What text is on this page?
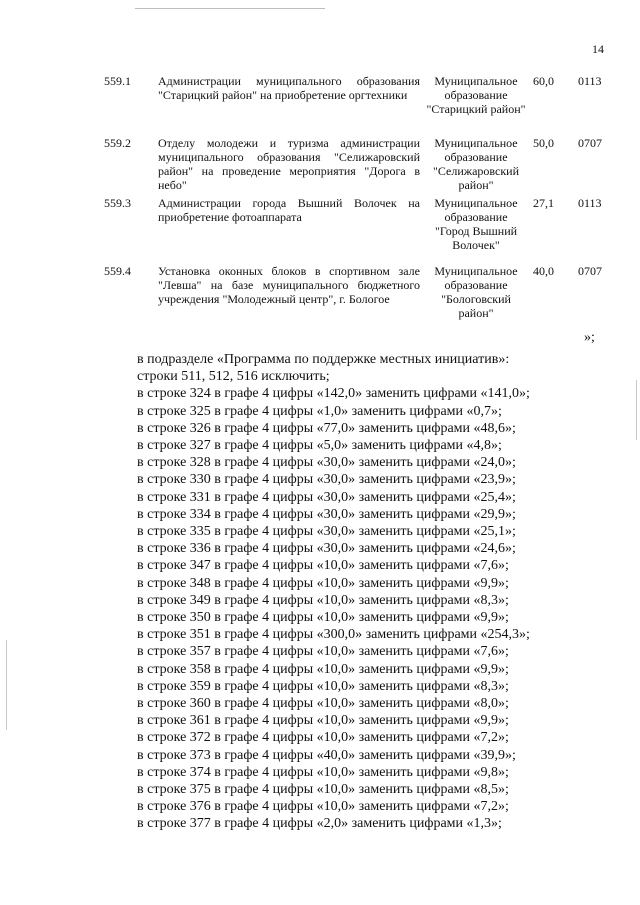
14
559.1 Администрации муниципального образования "Старицкий район" на приобретение оргтехники
Муниципальное образование "Старицкий район"
60,0 0113
559.2 Отделу молодежи и туризма администрации муниципального образования "Селижаровский район" на проведение мероприятия "Дорога в небо"
Муниципальное образование "Селижаровский район"
50,0 0707
559.3 Администрации города Вышний Волочек на приобретение фотоаппарата
Муниципальное образование "Город Вышний Волочек"
27,1 0113
559.4 Установка оконных блоков в спортивном зале "Левша" на базе муниципального бюджетного учреждения "Молодежный центр", г. Бологое
Муниципальное образование "Бологовский район"
40,0 0707
»;
в подразделе «Программа по поддержке местных инициатив»:
строки 511, 512, 516 исключить;
в строке 324 в графе 4 цифры «142,0» заменить цифрами «141,0»;
в строке 325 в графе 4 цифры «1,0» заменить цифрами «0,7»;
в строке 326 в графе 4 цифры «77,0» заменить цифрами «48,6»;
в строке 327 в графе 4 цифры «5,0» заменить цифрами «4,8»;
в строке 328 в графе 4 цифры «30,0» заменить цифрами «24,0»;
в строке 330 в графе 4 цифры «30,0» заменить цифрами «23,9»;
в строке 331 в графе 4 цифры «30,0» заменить цифрами «25,4»;
в строке 334 в графе 4 цифры «30,0» заменить цифрами «29,9»;
в строке 335 в графе 4 цифры «30,0» заменить цифрами «25,1»;
в строке 336 в графе 4 цифры «30,0» заменить цифрами «24,6»;
в строке 347 в графе 4 цифры «10,0» заменить цифрами «7,6»;
в строке 348 в графе 4 цифры «10,0» заменить цифрами «9,9»;
в строке 349 в графе 4 цифры «10,0» заменить цифрами «8,3»;
в строке 350 в графе 4 цифры «10,0» заменить цифрами «9,9»;
в строке 351 в графе 4 цифры «300,0» заменить цифрами «254,3»;
в строке 357 в графе 4 цифры «10,0» заменить цифрами «7,6»;
в строке 358 в графе 4 цифры «10,0» заменить цифрами «9,9»;
в строке 359 в графе 4 цифры «10,0» заменить цифрами «8,3»;
в строке 360 в графе 4 цифры «10,0» заменить цифрами «8,0»;
в строке 361 в графе 4 цифры «10,0» заменить цифрами «9,9»;
в строке 372 в графе 4 цифры «10,0» заменить цифрами «7,2»;
в строке 373 в графе 4 цифры «40,0» заменить цифрами «39,9»;
в строке 374 в графе 4 цифры «10,0» заменить цифрами «9,8»;
в строке 375 в графе 4 цифры «10,0» заменить цифрами «8,5»;
в строке 376 в графе 4 цифры «10,0» заменить цифрами «7,2»;
в строке 377 в графе 4 цифры «2,0» заменить цифрами «1,3»;
